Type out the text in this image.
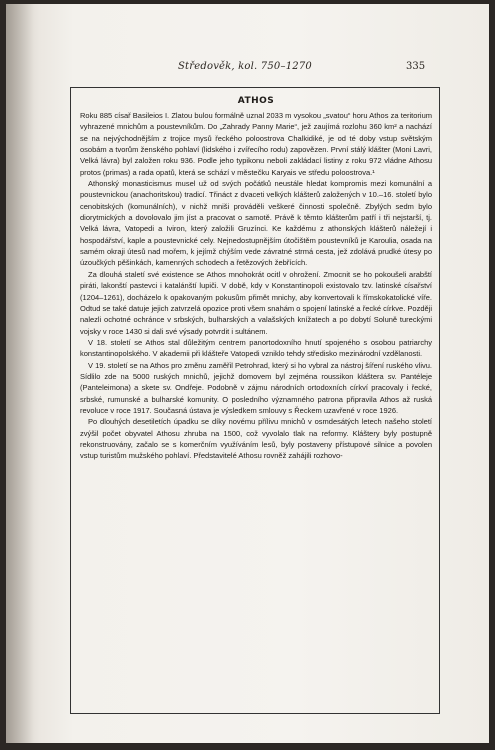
Středověk, kol. 750–1270	335
ATHOS

Roku 885 císař Basileios I. Zlatou bulou formálně uznal 2033 m vysokou „svatou“ horu Athos za teritorium vyhrazené mnichům a poustevníkům. Do „Zahrady Panny Marie“, jež zaujímá rozlohu 360 km² a nachází se na nejvýchodnějším z trojice mysů řeckého poloostrova Chalkidiké, je od té doby vstup světským osobám a tvorům ženského pohlaví (lidského i zvířecího rodu) zapovězen. První stálý klášter (Moni Lavri, Velká lávra) byl založen roku 936. Podle jeho typikonu neboli zakládací listiny z roku 972 vládne Athosu protos (primas) a rada opatů, která se schází v městečku Karyais ve středu poloostrova.¹

Athonský monasticismus musel už od svých počátků neustále hledat kompromis mezi komunální a poustevnickou (anachoritskou) tradicí. Třináct z dvaceti velkých klášterů založených v 10.–16. století bylo cenobitských (komunálních), v nichž mniši prováděli veškeré činnosti společně. Zbylých sedm bylo diorytmických a dovolovalo jim jíst a pracovat o samotě. Právě k těmto klášterům patří i tři nejstarší, tj. Velká lávra, Vatopedi a Iviron, který založili Gruzínci. Ke každému z athonských klášterů náležejí i hospodářství, kaple a poustevnické cely. Nejnedostupnějším útočištěm poustevníků je Karoulia, osada na samém okraji útesů nad mořem, k jejímž chýším vede závratné strmá cesta, jež zdolává prudké útesy po úzoučkých pěšinkách, kamenných schodech a řetězových žebřících.

Za dlouhá staletí své existence se Athos mnohokrát ocitl v ohrožení. Zmocnit se ho pokoušeli arabští piráti, lakonští pastevci i katalánští lupiči. V době, kdy v Konstantinopoli existovalo tzv. latinské císařství (1204–1261), docházelo k opakovaným pokusům přimět mnichy, aby konvertovali k římskokatolické víře. Odtud se také datuje jejich zatvrzelá opozice proti všem snahám o spojení latinské a řecké církve. Později nalezli ochotné ochránce v srbských, bulharských a valašských knížatech a po dobytí Soluně tureckými vojsky v roce 1430 si dali své výsady potvrdit i sultánem.

V 18. století se Athos stal důležitým centrem panortodoxního hnutí spojeného s osobou patriarchy konstantinopolského. V akademii při klášteře Vatopedi vzniklo tehdy středisko mezinárodní vzdělanosti.

V 19. století se na Athos pro změnu zaměřil Petrohrad, který si ho vybral za nástroj šíření ruského vlivu. Sídlilo zde na 5000 ruských mnichů, jejichž domovem byl zejména roussikon kláštera sv. Pantéleje (Panteleimona) a skete sv. Ondřeje. Podobně v zájmu národních ortodoxních církví pracovaly i řecké, srbské, rumunské a bulharské komunity. O posledního významného patrona připravila Athos až ruská revoluce v roce 1917. Současná ústava je výsledkem smlouvy s Řeckem uzavřené v roce 1926.

Po dlouhých desetiletích úpadku se díky novému přílivu mnichů v osmdesátých letech našeho století zvýšil počet obyvatel Athosu zhruba na 1500, což vyvolalo tlak na reformy. Kláštery byly postupně rekonstruovány, začalo se s komerčním využíváním lesů, byly postaveny přístupové silnice a povolen vstup turistům mužského pohlaví. Představitelé Athosu rovněž zahájili rozhovo-
